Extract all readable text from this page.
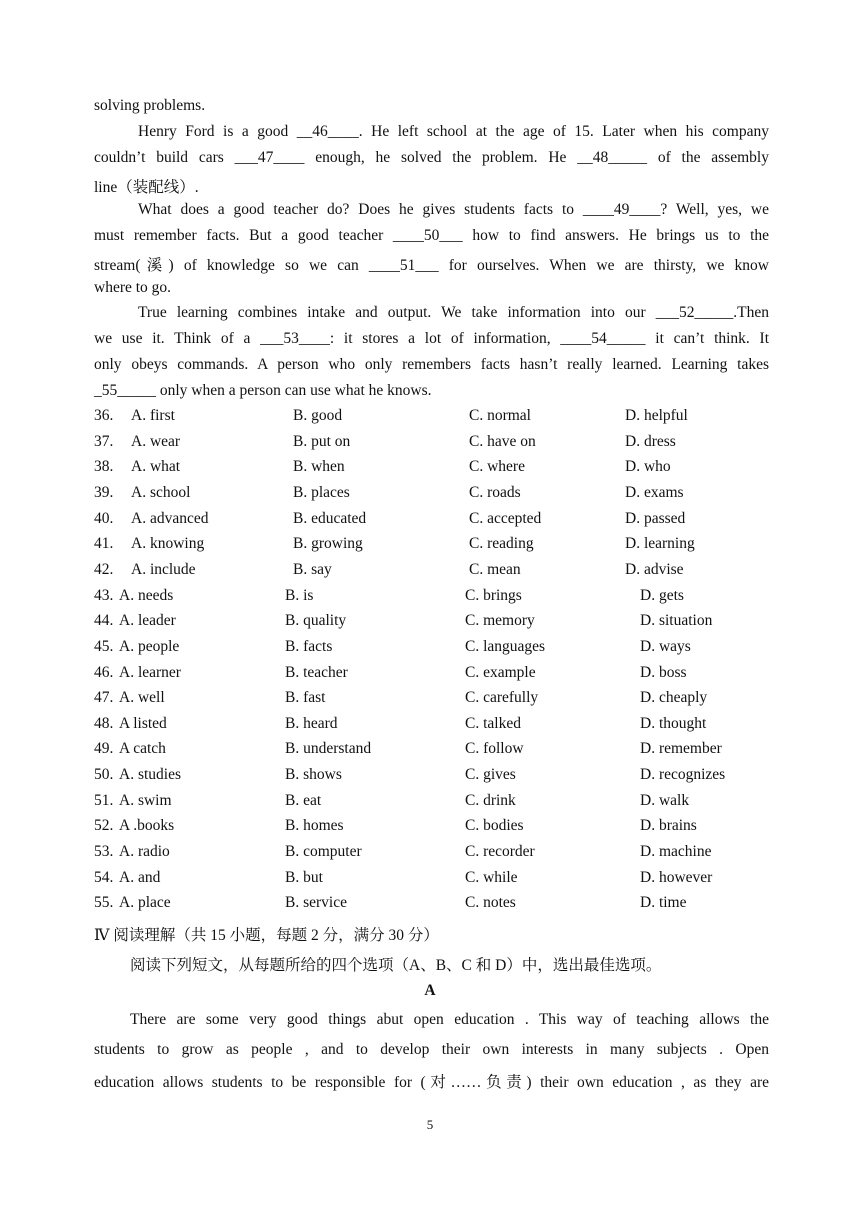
solving problems.
Henry Ford is a good __46____. He left school at the age of 15. Later when his company
couldn’t build cars ___47____ enough, he solved the problem. He __48_____ of the assembly
line（装配线）.
What does a good teacher do? Does he gives students facts to ____49____? Well, yes, we
must remember facts. But a good teacher ____50___ how to find answers. He brings us to the
stream(溪) of knowledge so we can ____51___ for ourselves. When we are thirsty, we know
where to go.
True learning combines intake and output. We take information into our ___52_____.Then
we use it. Think of a ___53____: it stores a lot of information, ____54_____ it can’t think. It
only obeys commands. A person who only remembers facts hasn’t really learned. Learning takes
_55_____ only when a person can use what he knows.
36. A. first	B. good	C. normal	D. helpful
37. A. wear	B. put on	C. have on	D. dress
38. A. what	B. when	C. where	D. who
39. A. school	B. places	C. roads	D. exams
40. A. advanced	B. educated	C. accepted	D. passed
41. A. knowing	B. growing	C. reading	D. learning
42. A. include	B. say	C. mean	D. advise
43. A. needs	B. is	C. brings	D. gets
44. A. leader	B. quality	C. memory	D. situation
45. A. people	B. facts	C. languages	D. ways
46. A. learner	B. teacher	C. example	D. boss
47. A. well	B. fast	C. carefully	D. cheaply
48. A listed	B. heard	C. talked	D. thought
49. A catch	B. understand	C. follow	D. remember
50. A. studies	B. shows	C. gives	D. recognizes
51. A. swim	B. eat	C. drink	D. walk
52. A .books	B. homes	C. bodies	D. brains
53. A. radio	B. computer	C. recorder	D. machine
54. A. and	B. but	C. while	D. however
55. A. place	B. service	C. notes	D. time
Ⅳ 阅读理解（共 15 小题，每题 2 分，满分 30 分）
阅读下列短文，从每题所给的四个选项（A、B、C 和 D）中，选出最佳选项。
A
There are some very good things abut open education . This way of teaching allows the
students to grow as people , and to develop their own interests in many subjects . Open
education allows students to be responsible for (对……负责) their own education , as they are
5
